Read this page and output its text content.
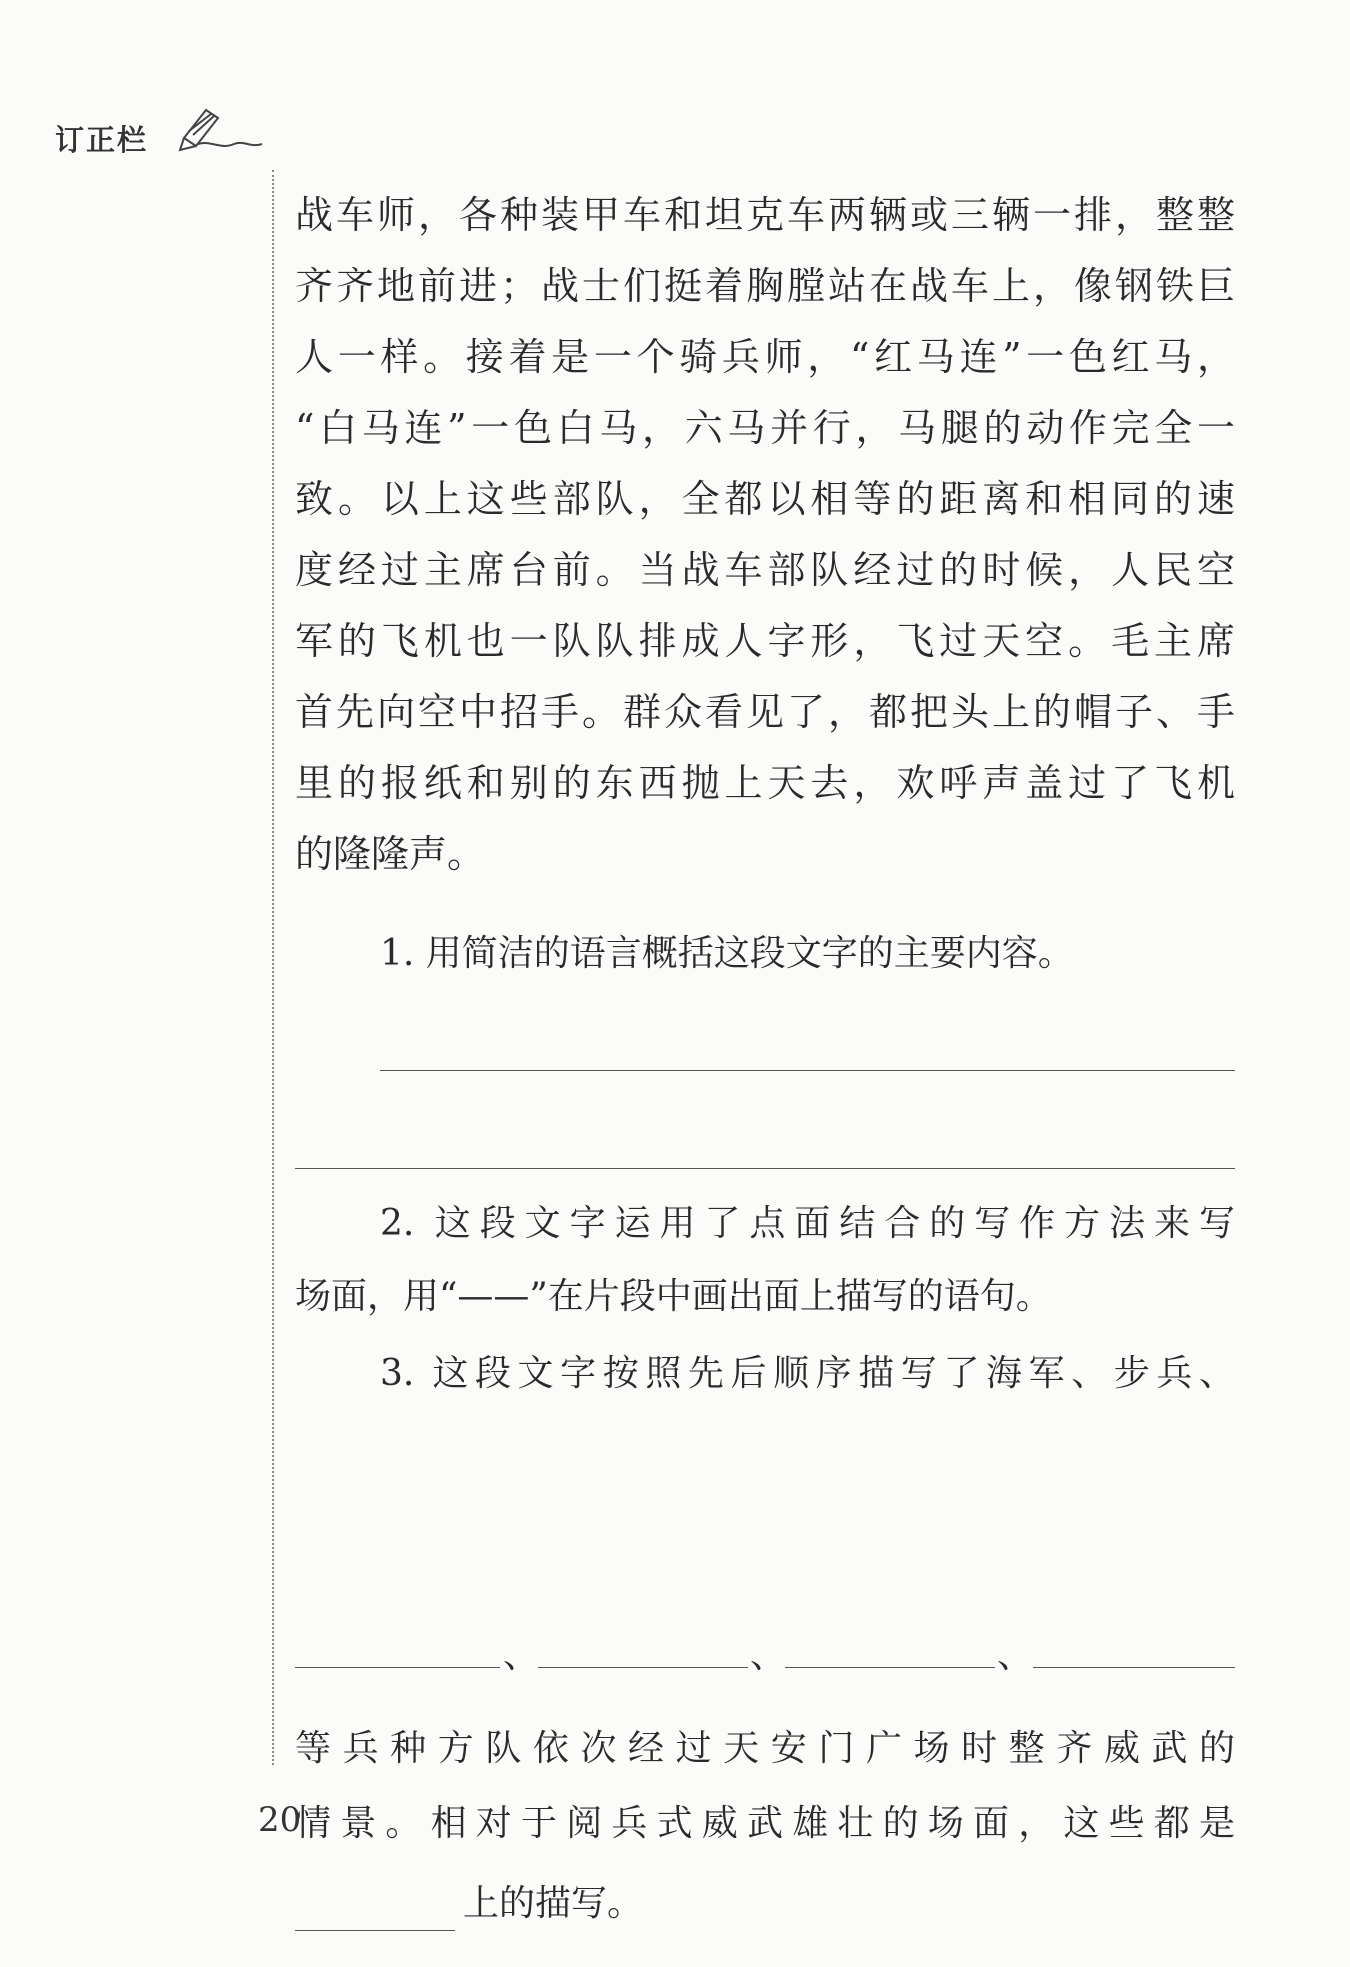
订正栏
战车师，各种装甲车和坦克车两辆或三辆一排，整整
齐齐地前进；战士们挺着胸膛站在战车上，像钢铁巨
人一样。接着是一个骑兵师，“红马连”一色红马，
“白马连”一色白马，六马并行，马腿的动作完全一
致。以上这些部队，全都以相等的距离和相同的速
度经过主席台前。当战车部队经过的时候，人民空
军的飞机也一队队排成人字形，飞过天空。毛主席
首先向空中招手。群众看见了，都把头上的帽子、手
里的报纸和别的东西抛上天去，欢呼声盖过了飞机
的隆隆声。
1. 用简洁的语言概括这段文字的主要内容。
2. 这段文字运用了点面结合的写作方法来写
场面，用“——”在片段中画出面上描写的语句。
3. 这段文字按照先后顺序描写了海军、步兵、
、	、	、
等兵种方队依次经过天安门广场时整齐威武的
情景。相对于阅兵式威武雄壮的场面，这些都是
上的描写。
20
